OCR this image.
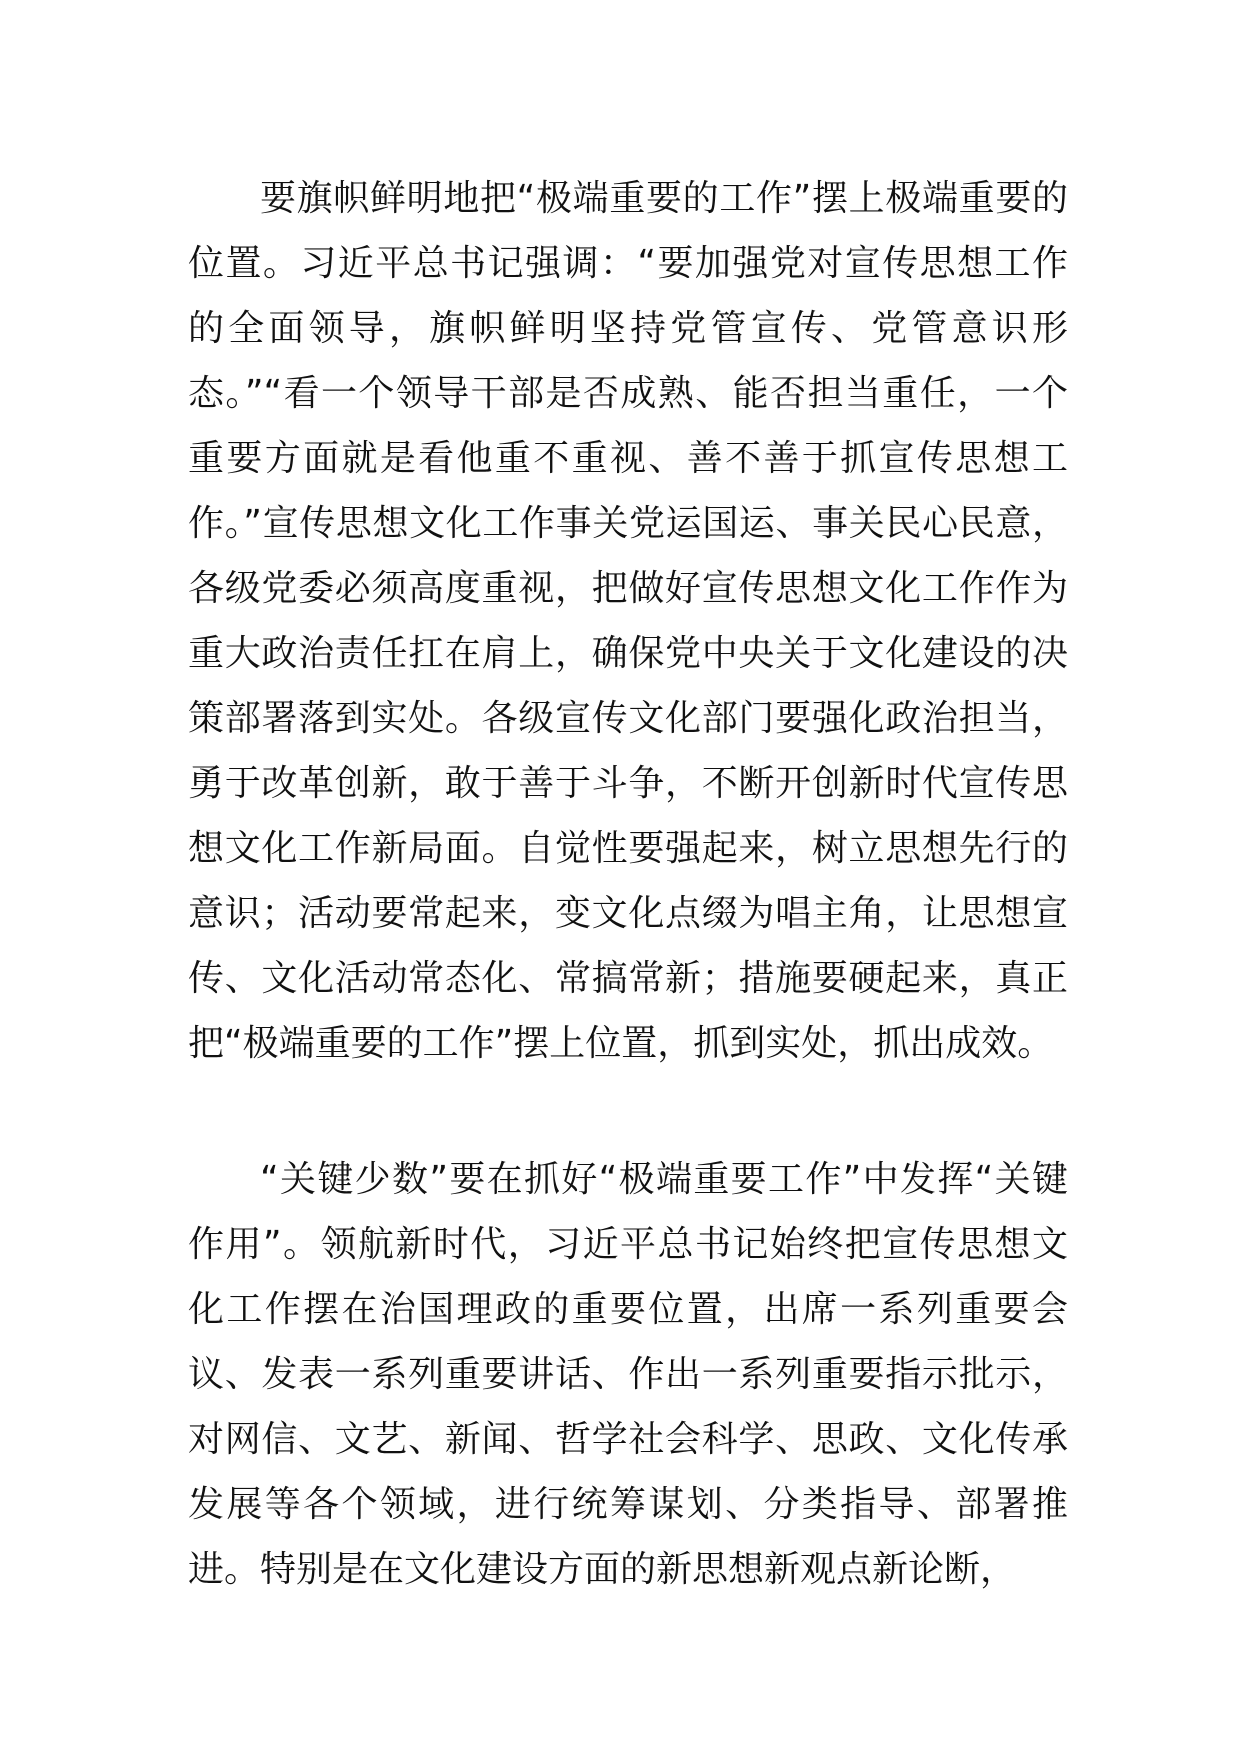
要旗帜鲜明地把“极端重要的工作”摆上极端重要的位置。习近平总书记强调：“要加强党对宣传思想工作的全面领导，旗帜鲜明坚持党管宣传、党管意识形态。”“看一个领导干部是否成熟、能否担当重任，一个重要方面就是看他重不重视、善不善于抓宣传思想工作。”宣传思想文化工作事关党运国运、事关民心民意，各级党委必须高度重视，把做好宣传思想文化工作作为重大政治责任扛在肩上，确保党中央关于文化建设的决策部署落到实处。各级宣传文化部门要强化政治担当，勇于改革创新，敢于善于斗争，不断开创新时代宣传思想文化工作新局面。自觉性要强起来，树立思想先行的意识；活动要常起来，变文化点缀为唱主角，让思想宣传、文化活动常态化、常搞常新；措施要硬起来，真正把“极端重要的工作”摆上位置，抓到实处，抓出成效。

“关键少数”要在抓好“极端重要工作”中发挥“关键作用”。领航新时代，习近平总书记始终把宣传思想文化工作摆在治国理政的重要位置，出席一系列重要会议、发表一系列重要讲话、作出一系列重要指示批示，对网信、文艺、新闻、哲学社会科学、思政、文化传承发展等各个领域，进行统筹谋划、分类指导、部署推进。特别是在文化建设方面的新思想新观点新论断，
